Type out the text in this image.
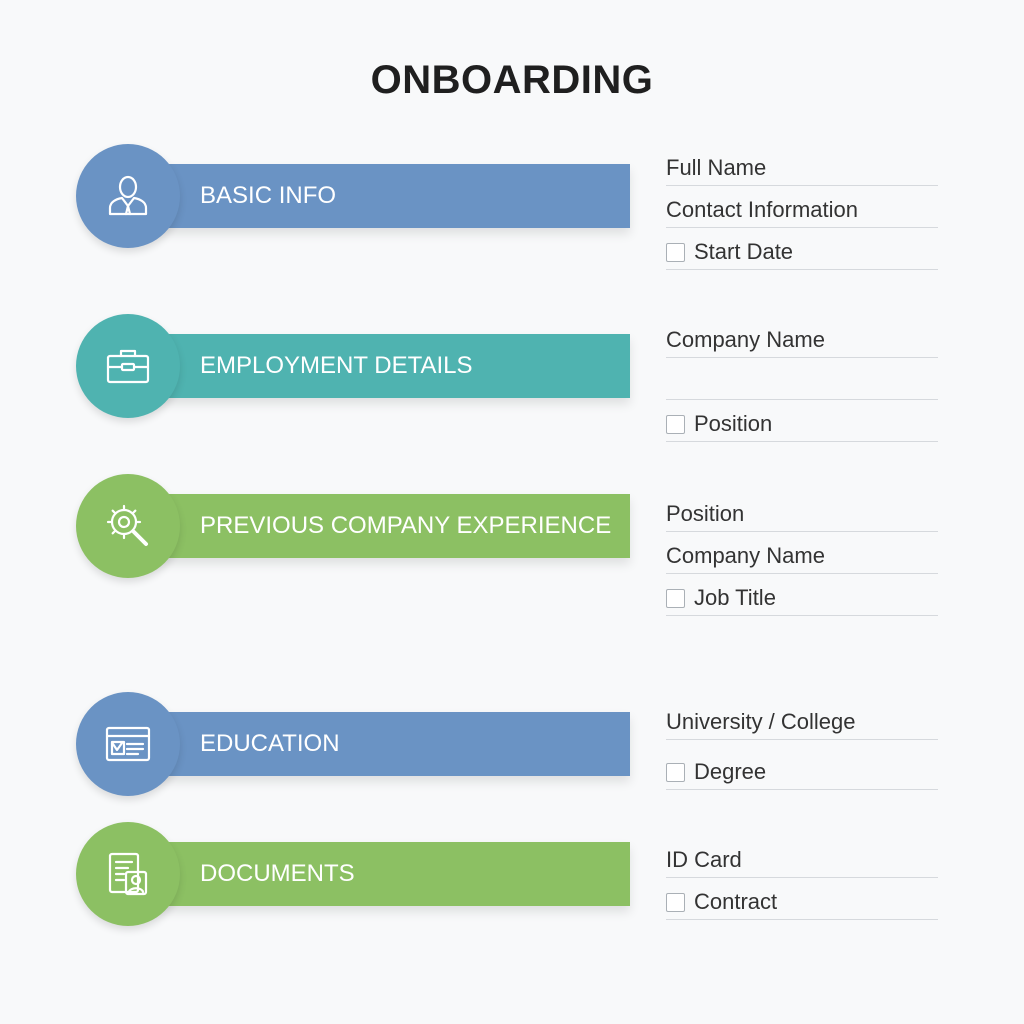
ONBOARDING
BASIC INFO
EMPLOYMENT DETAILS
PREVIOUS COMPANY EXPERIENCE
EDUCATION
DOCUMENTS
Full Name
Contact Information
Start Date
Company Name
Position
Position
Company Name
Job Title
University / College
Degree
ID Card
Contract
